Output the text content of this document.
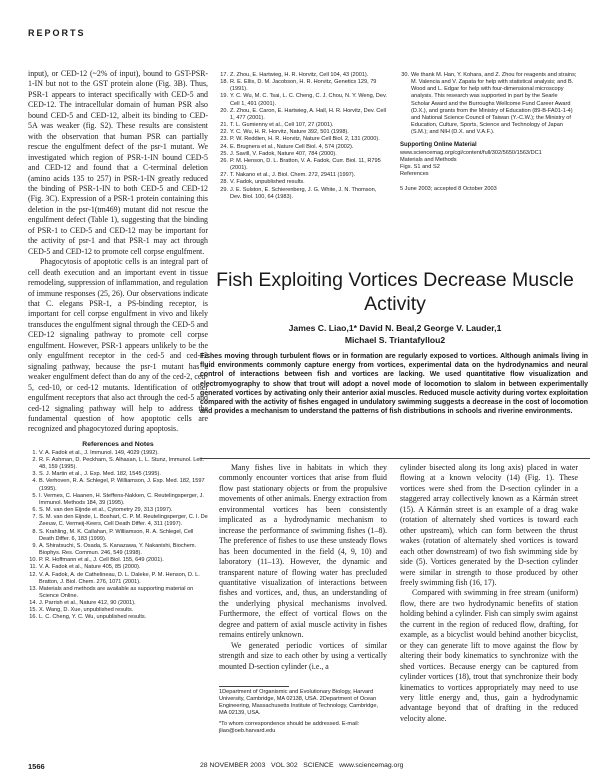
REPORTS

input), or CED-12 (~2% of input), bound to GST-PSR-1-IN but not to the GST protein alone (Fig. 3B). Thus, PSR-1 appears to interact specifically with CED-5 and CED-12. The intracellular domain of human PSR also bound CED-5 and CED-12, albeit its binding to CED-5A was weaker (fig. S2). These results are consistent with the observation that human PSR can partially rescue the engulfment defect of the psr-1 mutant. We investigated which region of PSR-1-IN bound CED-5 and CED-12 and found that a C-terminal deletion (amino acids 135 to 257) in PSR-1-IN greatly reduced the binding of PSR-1-IN to both CED-5 and CED-12 (Fig. 3C). Expression of a PSR-1 protein containing this deletion in the psr-1(tm469) mutant did not rescue the engulfment defect (Table 1), suggesting that the binding of PSR-1 to CED-5 and CED-12 may be important for the activity of psr-1 and that PSR-1 may act through CED-5 and CED-12 to promote cell corpse engulfment.

Phagocytosis of apoptotic cells is an integral part of cell death execution and an important event in tissue remodeling, suppression of inflammation, and regulation of immune responses (25, 26). Our observations indicate that C. elegans PSR-1, a PS-binding receptor, is important for cell corpse engulfment in vivo and likely transduces the engulfment signal through the CED-5 and CED-12 signaling pathway to promote cell corpse engulfment. However, PSR-1 appears unlikely to be the only engulfment receptor in the ced-5 and ced-12 signaling pathway, because the psr-1 mutant has a weaker engulfment defect than do any of the ced-2, ced-5, ced-10, or ced-12 mutants. Identification of other engulfment receptors that also act through the ced-5 and ced-12 signaling pathway will help to address the fundamental question of how apoptotic cells are recognized and phagocytozed during apoptosis.

References and Notes
1. V. A. Fadok et al., J. Immunol. 149, 4029 (1992).
2. R. F. Ashman, D. Peckham, S. Alhasan, L. L. Stunz, Immunol. Lett. 48, 159 (1995).
3. S. J. Martin et al., J. Exp. Med. 182, 1545 (1995).
4. B. Verhoven, R. A. Schlegel, P. Williamson, J. Exp. Med. 182, 1597 (1995).
5. I. Vermes, C. Haanen, H. Steffens-Nakken, C. Reutelingsperger, J. Immunol. Methods 184, 39 (1995).
6. S. M. van den Eijnde et al., Cytometry 29, 313 (1997).
7. S. M. van den Eijnde, L. Boshart, C. P. M. Reutelingsperger, C. I. De Zeeuw, C. Vermeij-Keers, Cell Death Differ. 4, 311 (1997).
8. S. Krahling, M. K. Callahan, P. Williamson, R. A. Schlegel, Cell Death Differ. 6, 183 (1999).
9. A. Shiratsuchi, S. Osada, S. Kanazawa, Y. Nakanishi, Biochem. Biophys. Res. Commun. 246, 549 (1998).
10. P. R. Hoffmann et al., J. Cell Biol. 155, 649 (2001).
11. V. A. Fadok et al., Nature 405, 85 (2000).
12. V. A. Fadok, A. de Cathelineau, D. L. Daleke, P. M. Henson, D. L. Bratton, J. Biol. Chem. 276, 1071 (2001).
13. Materials and methods are available as supporting material on Science Online.
14. J. Parrish et al., Nature 412, 90 (2001).
15. X. Wang, D. Xue, unpublished results.
16. L. C. Cheng, Y. C. Wu, unpublished results.
17. Z. Zhou, E. Hartwieg, H. R. Horvitz, Cell 104, 43 (2001).
18. R. E. Ellis, D. M. Jacobson, H. R. Horvitz, Genetics 129, 79 (1991).
19. Y. C. Wu, M. C. Tsai, L. C. Cheng, C. J. Chou, N. Y. Weng, Dev. Cell 1, 491 (2001).
20. Z. Zhou, E. Caron, E. Hartwieg, A. Hall, H. R. Horvitz, Dev. Cell 1, 477 (2001).
21. T. L. Gumienny et al., Cell 107, 27 (2001).
22. Y. C. Wu, H. R. Horvitz, Nature 392, 501 (1998).
23. P. W. Reddien, H. R. Horvitz, Nature Cell Biol. 2, 131 (2000).
24. E. Brugnera et al., Nature Cell Biol. 4, 574 (2002).
25. J. Savill, V. Fadok, Nature 407, 784 (2000).
26. P. M. Henson, D. L. Bratton, V. A. Fadok, Curr. Biol. 11, R795 (2001).
27. T. Nakano et al., J. Biol. Chem. 272, 29411 (1997).
28. V. Fadok, unpublished results.
29. J. E. Sulston, E. Schierenberg, J. G. White, J. N. Thomson, Dev. Biol. 100, 64 (1983).
30. We thank M. Han, Y. Kohara, and Z. Zhou for reagents and strains; M. Valencia and V. Zapata for help with statistical analysis; and B. Wood and L. Edgar for help with four-dimensional microscopy analysis. This research was supported in part by the Searle Scholar Award and the Burroughs Wellcome Fund Career Award (D.X.), and grants from the Ministry of Education (89-B-FA01-1-4) and National Science Council of Taiwan (Y.-C.W.); the Ministry of Education, Culture, Sports, Science and Technology of Japan (S.M.); and NIH (D.X. and V.A.F.).
Supporting Online Material
www.sciencemag.org/cgi/content/full/302/5650/1563/DC1
Materials and Methods
Figs. S1 and S2
References
5 June 2003; accepted 8 October 2003
Fish Exploiting Vortices Decrease Muscle Activity
James C. Liao,1* David N. Beal,2 George V. Lauder,1
Michael S. Triantafyllou2
Fishes moving through turbulent flows or in formation are regularly exposed to vortices. Although animals living in fluid environments commonly capture energy from vortices, experimental data on the hydrodynamics and neural control of interactions between fish and vortices are lacking. We used quantitative flow visualization and electromyography to show that trout will adopt a novel mode of locomotion to slalom in between experimentally generated vortices by activating only their anterior axial muscles. Reduced muscle activity during vortex exploitation compared with the activity of fishes engaged in undulatory swimming suggests a decrease in the cost of locomotion and provides a mechanism to understand the patterns of fish distributions in schools and riverine environments.

Many fishes live in habitats in which they commonly encounter vortices that arise from fluid flow past stationary objects or from the propulsive movements of other animals. Energy extraction from environmental vortices has been consistently implicated as a hydrodynamic mechanism to increase the performance of swimming fishes (1–8). The preference of fishes to use these unsteady flows has been documented in the field (4, 9, 10) and laboratory (11–13). However, the dynamic and transparent nature of flowing water has precluded quantitative visualization of interactions between fishes and vortices, and, thus, an understanding of the underlying physical mechanisms involved. Furthermore, the effect of vortical flows on the degree and pattern of axial muscle activity in fishes remains entirely unknown.

We generated periodic vortices of similar strength and size to each other by using a vertically mounted D-section cylinder (i.e., a

1Department of Organismic and Evolutionary Biology, Harvard University, Cambridge, MA 02138, USA. 2Department of Ocean Engineering, Massachusetts Institute of Technology, Cambridge, MA 02139, USA.
*To whom correspondence should be addressed. E-mail: jliao@oeb.harvard.edu

cylinder bisected along its long axis) placed in water flowing at a known velocity (14) (Fig. 1). These vortices were shed from the D-section cylinder in a staggered array collectively known as a Kármán street (15). A Kármán street is an example of a drag wake (rotation of alternately shed vortices is toward each other upstream), which can form between the thrust wakes (rotation of alternately shed vortices is toward each other downstream) of two fish swimming side by side (5). Vortices generated by the D-section cylinder were similar in strength to those produced by other freely swimming fish (16, 17).

Compared with swimming in free stream (uniform) flow, there are two hydrodynamic benefits of station holding behind a cylinder. Fish can simply swim against the current in the region of reduced flow, drafting, for example, as a bicyclist would behind another bicyclist, or they can generate lift to move against the flow by altering their body kinematics to synchronize with the shed vortices. Because energy can be captured from cylinder vortices (18), trout that synchronize their body kinematics to vortices appropriately may need to use very little energy and, thus, gain a hydrodynamic advantage beyond that of drafting in the reduced velocity alone.

1566	28 NOVEMBER 2003   VOL 302   SCIENCE   www.sciencemag.org
